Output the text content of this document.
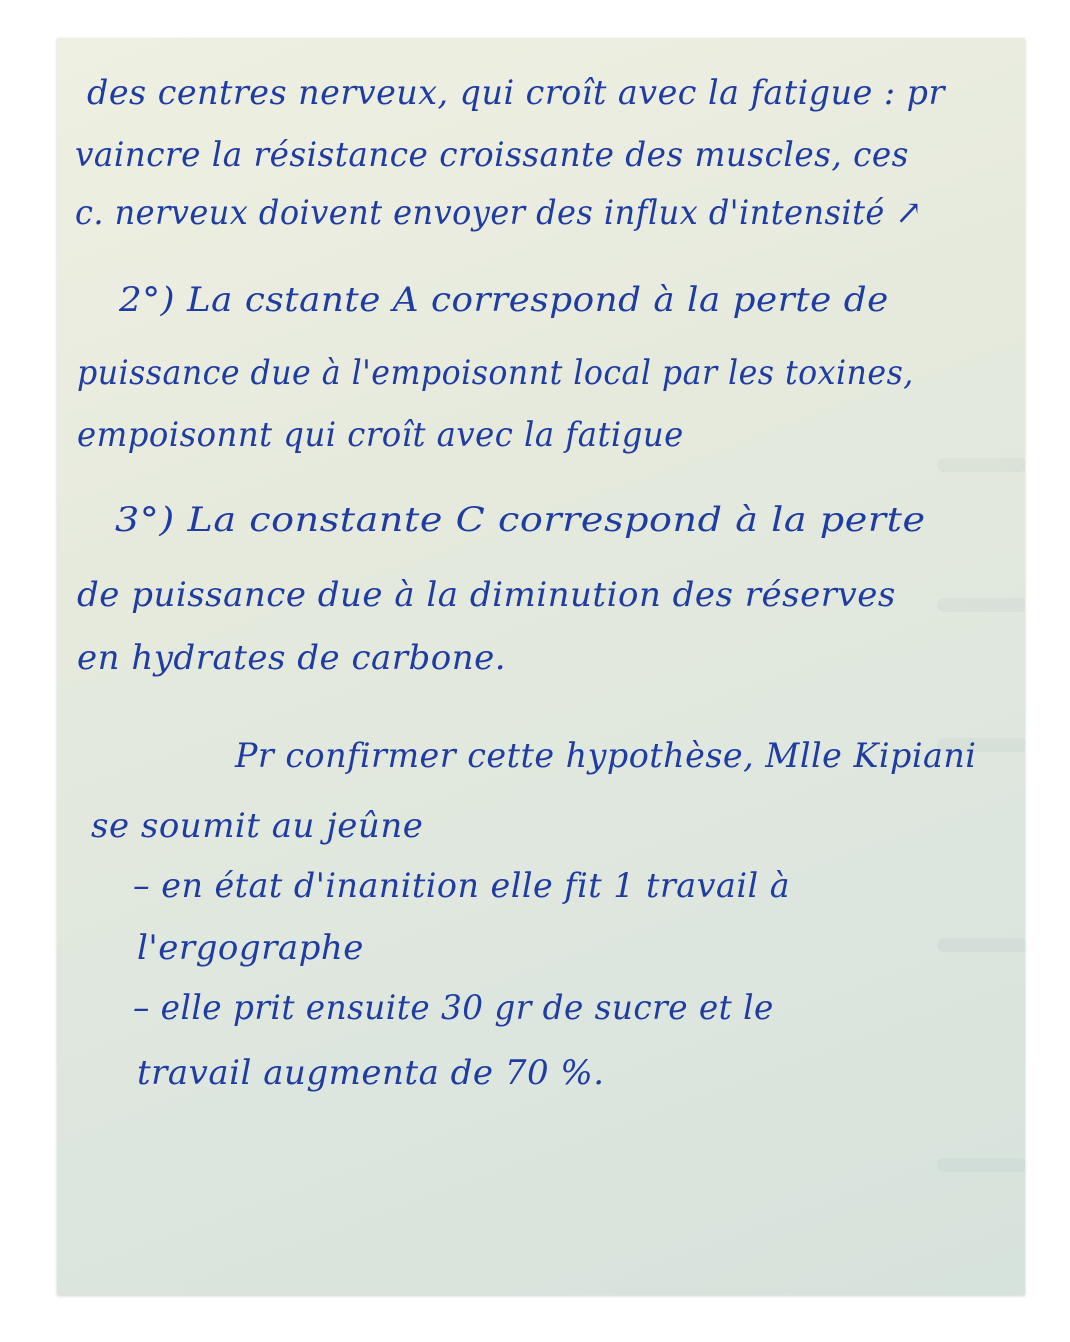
des centres nerveux, qui croît avec la fatigue : pr
vaincre la résistance croissante des muscles, ces
c. nerveux doivent envoyer des influx d'intensité ↗
2°) La cstante A correspond à la perte de
puissance due à l'empoisonnt local par les toxines,
empoisonnt qui croît avec la fatigue
3°) La constante C correspond à la perte
de puissance due à la diminution des réserves
en hydrates de carbone.
Pr confirmer cette hypothèse, Mlle Kipiani
se soumit au jeûne
– en état d'inanition elle fit 1 travail à
l'ergographe
– elle prit ensuite 30 gr de sucre et le
travail augmenta de 70 %.
